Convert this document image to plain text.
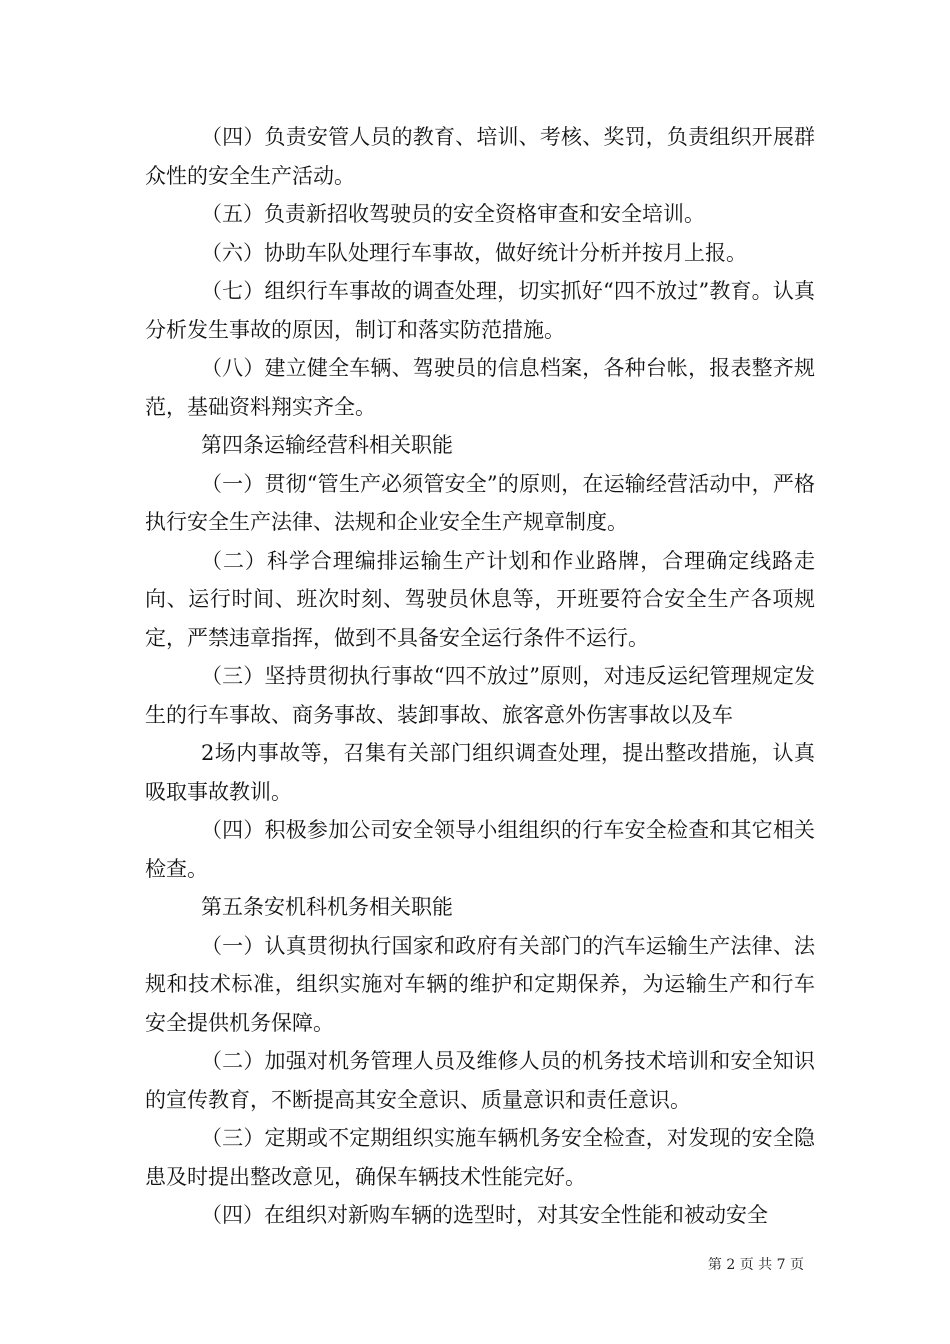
（四）负责安管人员的教育、培训、考核、奖罚，负责组织开展群众性的安全生产活动。

（五）负责新招收驾驶员的安全资格审查和安全培训。

（六）协助车队处理行车事故，做好统计分析并按月上报。

（七）组织行车事故的调查处理，切实抓好“四不放过”教育。认真分析发生事故的原因，制订和落实防范措施。

（八）建立健全车辆、驾驶员的信息档案，各种台帐，报表整齐规范，基础资料翔实齐全。

第四条运输经营科相关职能

（一）贯彻“管生产必须管安全”的原则，在运输经营活动中，严格执行安全生产法律、法规和企业安全生产规章制度。

（二）科学合理编排运输生产计划和作业路牌，合理确定线路走向、运行时间、班次时刻、驾驶员休息等，开班要符合安全生产各项规定，严禁违章指挥，做到不具备安全运行条件不运行。

（三）坚持贯彻执行事故“四不放过”原则，对违反运纪管理规定发生的行车事故、商务事故、装卸事故、旅客意外伤害事故以及车

2场内事故等，召集有关部门组织调查处理，提出整改措施，认真吸取事故教训。

（四）积极参加公司安全领导小组组织的行车安全检查和其它相关检查。

第五条安机科机务相关职能

（一）认真贯彻执行国家和政府有关部门的汽车运输生产法律、法规和技术标准，组织实施对车辆的维护和定期保养，为运输生产和行车安全提供机务保障。

（二）加强对机务管理人员及维修人员的机务技术培训和安全知识的宣传教育，不断提高其安全意识、质量意识和责任意识。

（三）定期或不定期组织实施车辆机务安全检查，对发现的安全隐患及时提出整改意见，确保车辆技术性能完好。

（四）在组织对新购车辆的选型时，对其安全性能和被动安全

第 2 页 共 7 页
